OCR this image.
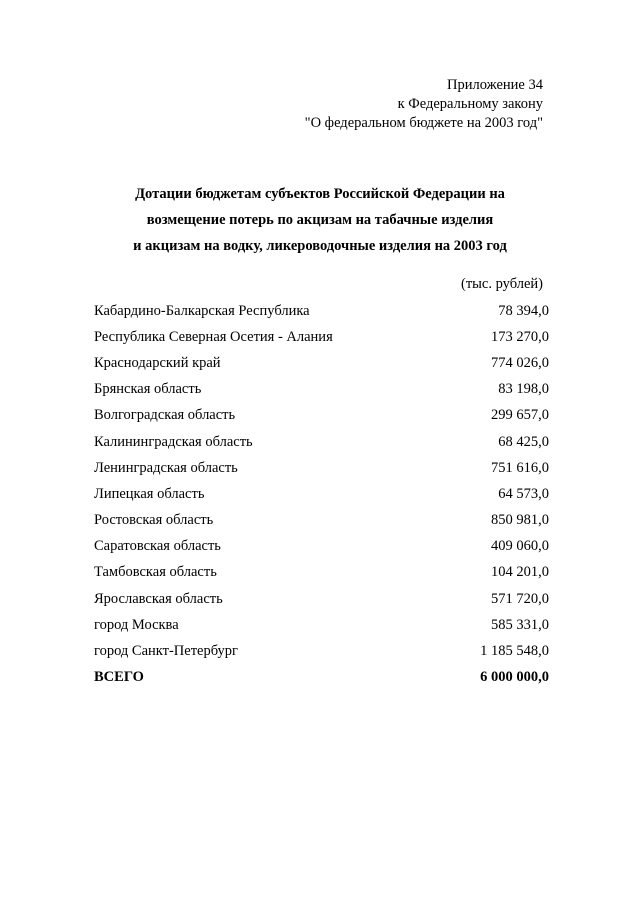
Приложение 34
к Федеральному закону
"О федеральном бюджете на 2003 год"
Дотации бюджетам субъектов Российской Федерации на
возмещение потерь по акцизам на табачные изделия
и акцизам на водку, ликероводочные изделия на 2003 год
(тыс. рублей)
Кабардино-Балкарская Республика	78 394,0
Республика Северная Осетия - Алания	173 270,0
Краснодарский край	774 026,0
Брянская область	83 198,0
Волгоградская область	299 657,0
Калининградская область	68 425,0
Ленинградская область	751 616,0
Липецкая область	64 573,0
Ростовская область	850 981,0
Саратовская область	409 060,0
Тамбовская область	104 201,0
Ярославская область	571 720,0
город Москва	585 331,0
город Санкт-Петербург	1 185 548,0
ВСЕГО	6 000 000,0
